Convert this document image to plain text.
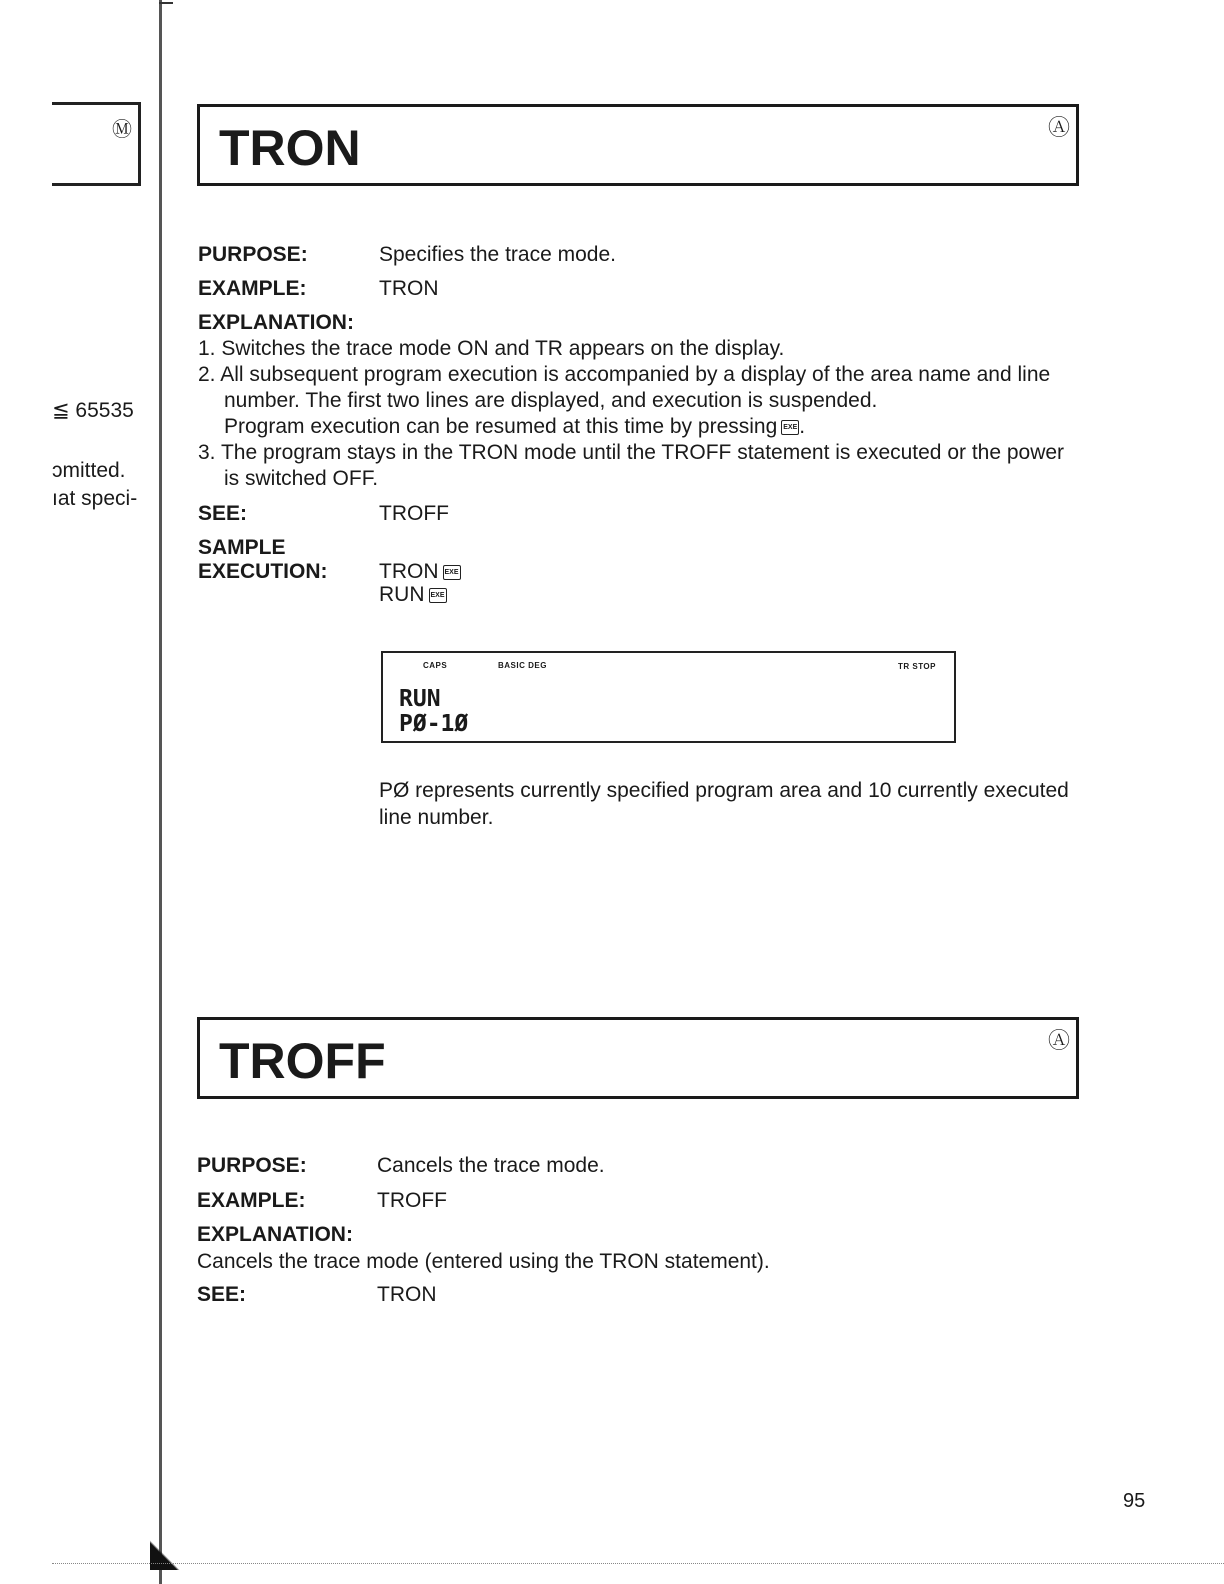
Ⓜ
≦ 65535
ɔmitted.
ıat speci-
TRON	Ⓐ
PURPOSE:	Specifies the trace mode.
EXAMPLE:	TRON
EXPLANATION:
1. Switches the trace mode ON and TR appears on the display.
2. All subsequent program execution is accompanied by a display of the area name and line
number. The first two lines are displayed, and execution is suspended.
Program execution can be resumed at this time by pressing EXE.
3. The program stays in the TRON mode until the TROFF statement is executed or the power
is switched OFF.
SEE:	TROFF
SAMPLE
EXECUTION: TRON EXE
RUN EXE
CAPS	BASIC DEG	TR STOP
RUN
PØ-1Ø
PØ represents currently specified program area and 10 currently executed
line number.
TROFF	Ⓐ
PURPOSE:	Cancels the trace mode.
EXAMPLE:	TROFF
EXPLANATION:
Cancels the trace mode (entered using the TRON statement).
SEE:	TRON
95
